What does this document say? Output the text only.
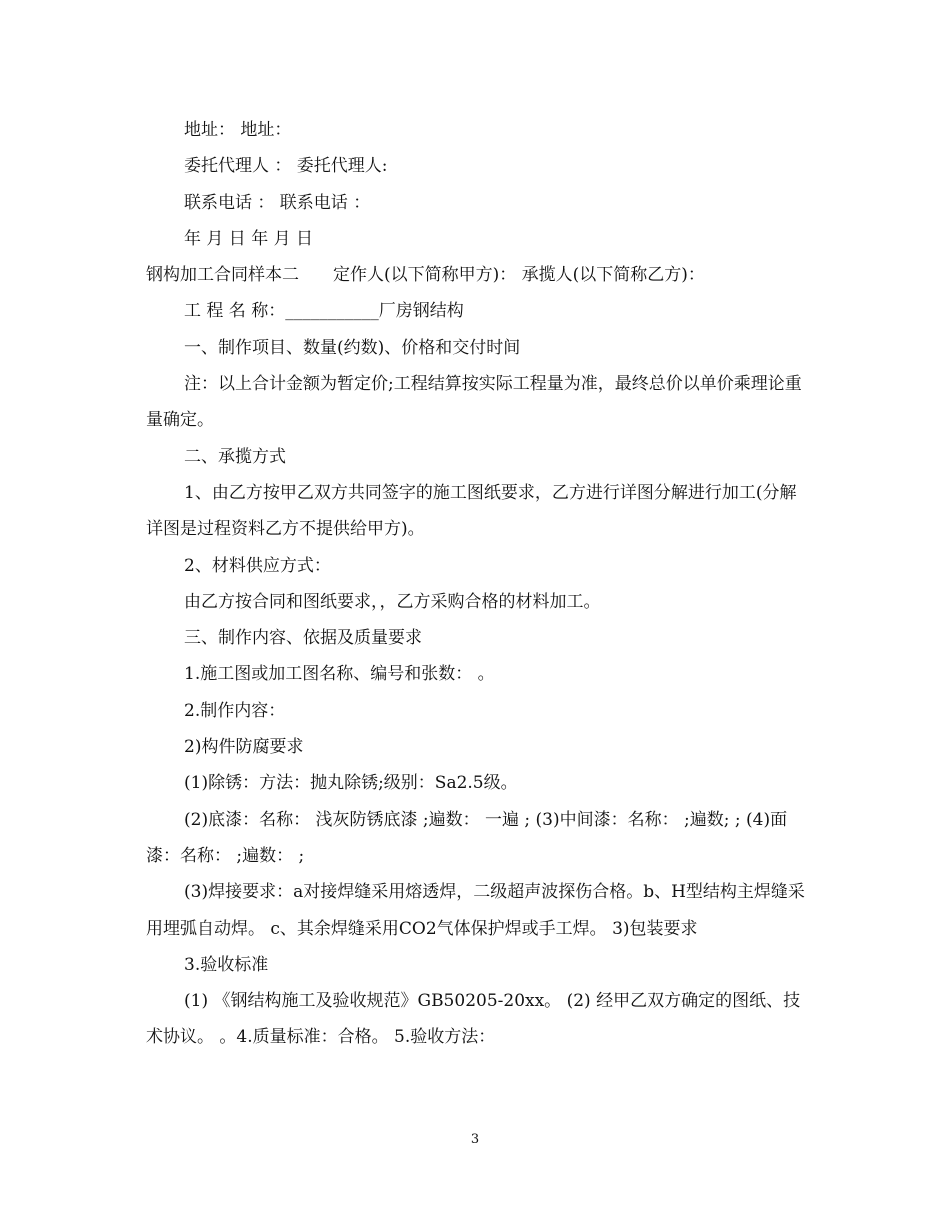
地址： 地址：

委托代理人 ： 委托代理人:

联系电话 ： 联系电话 ：

年 月 日 年 月 日

钢构加工合同样本二　　定作人(以下简称甲方)： 承揽人(以下简称乙方)：

工 程 名 称：___________厂房钢结构

一、制作项目、数量(约数)、价格和交付时间

注：以上合计金额为暂定价;工程结算按实际工程量为准，最终总价以单价乘理论重量确定。

二、承揽方式

1、由乙方按甲乙双方共同签字的施工图纸要求，乙方进行详图分解进行加工(分解详图是过程资料乙方不提供给甲方)。

2、材料供应方式：

由乙方按合同和图纸要求，，乙方采购合格的材料加工。

三、制作内容、依据及质量要求

1.施工图或加工图名称、编号和张数： 。

2.制作内容：

2)构件防腐要求

(1)除锈：方法：抛丸除锈;级别：Sa2.5级。

(2)底漆：名称： 浅灰防锈底漆 ;遍数： 一遍 ; (3)中间漆：名称： ;遍数; ; (4)面漆：名称： ;遍数： ;

(3)焊接要求：a对接焊缝采用熔透焊，二级超声波探伤合格。b、H型结构主焊缝采用埋弧自动焊。 c、其余焊缝采用CO2气体保护焊或手工焊。 3)包装要求

3.验收标准

(1) 《钢结构施工及验收规范》GB50205-20xx。 (2) 经甲乙双方确定的图纸、技术协议。 。4.质量标准：合格。 5.验收方法：

3
